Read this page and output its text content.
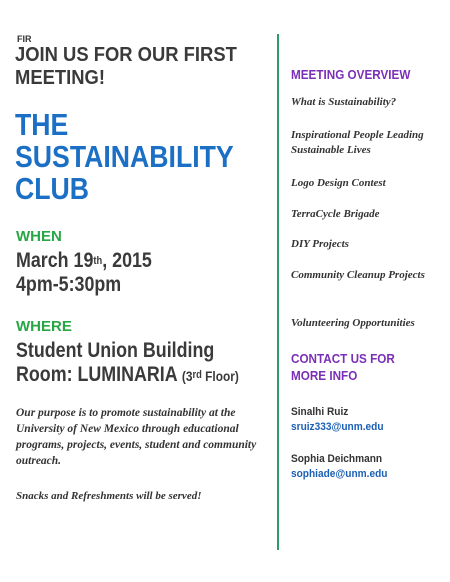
FIR
JOIN US FOR OUR FIRST MEETING!
THE SUSTAINABILITY CLUB
WHEN
March 19th, 2015
4pm-5:30pm
WHERE
Student Union Building
Room: LUMINARIA (3rd Floor)
Our purpose is to promote sustainability at the University of New Mexico through educational programs, projects, events, student and community outreach.
Snacks and Refreshments will be served!
MEETING OVERVIEW
What is Sustainability?
Inspirational People Leading Sustainable Lives
Logo Design Contest
TerraCycle Brigade
DIY Projects
Community Cleanup Projects
Volunteering Opportunities
CONTACT US FOR MORE INFO
Sinalhi Ruiz
sruiz333@unm.edu
Sophia Deichmann
sophiade@unm.edu
